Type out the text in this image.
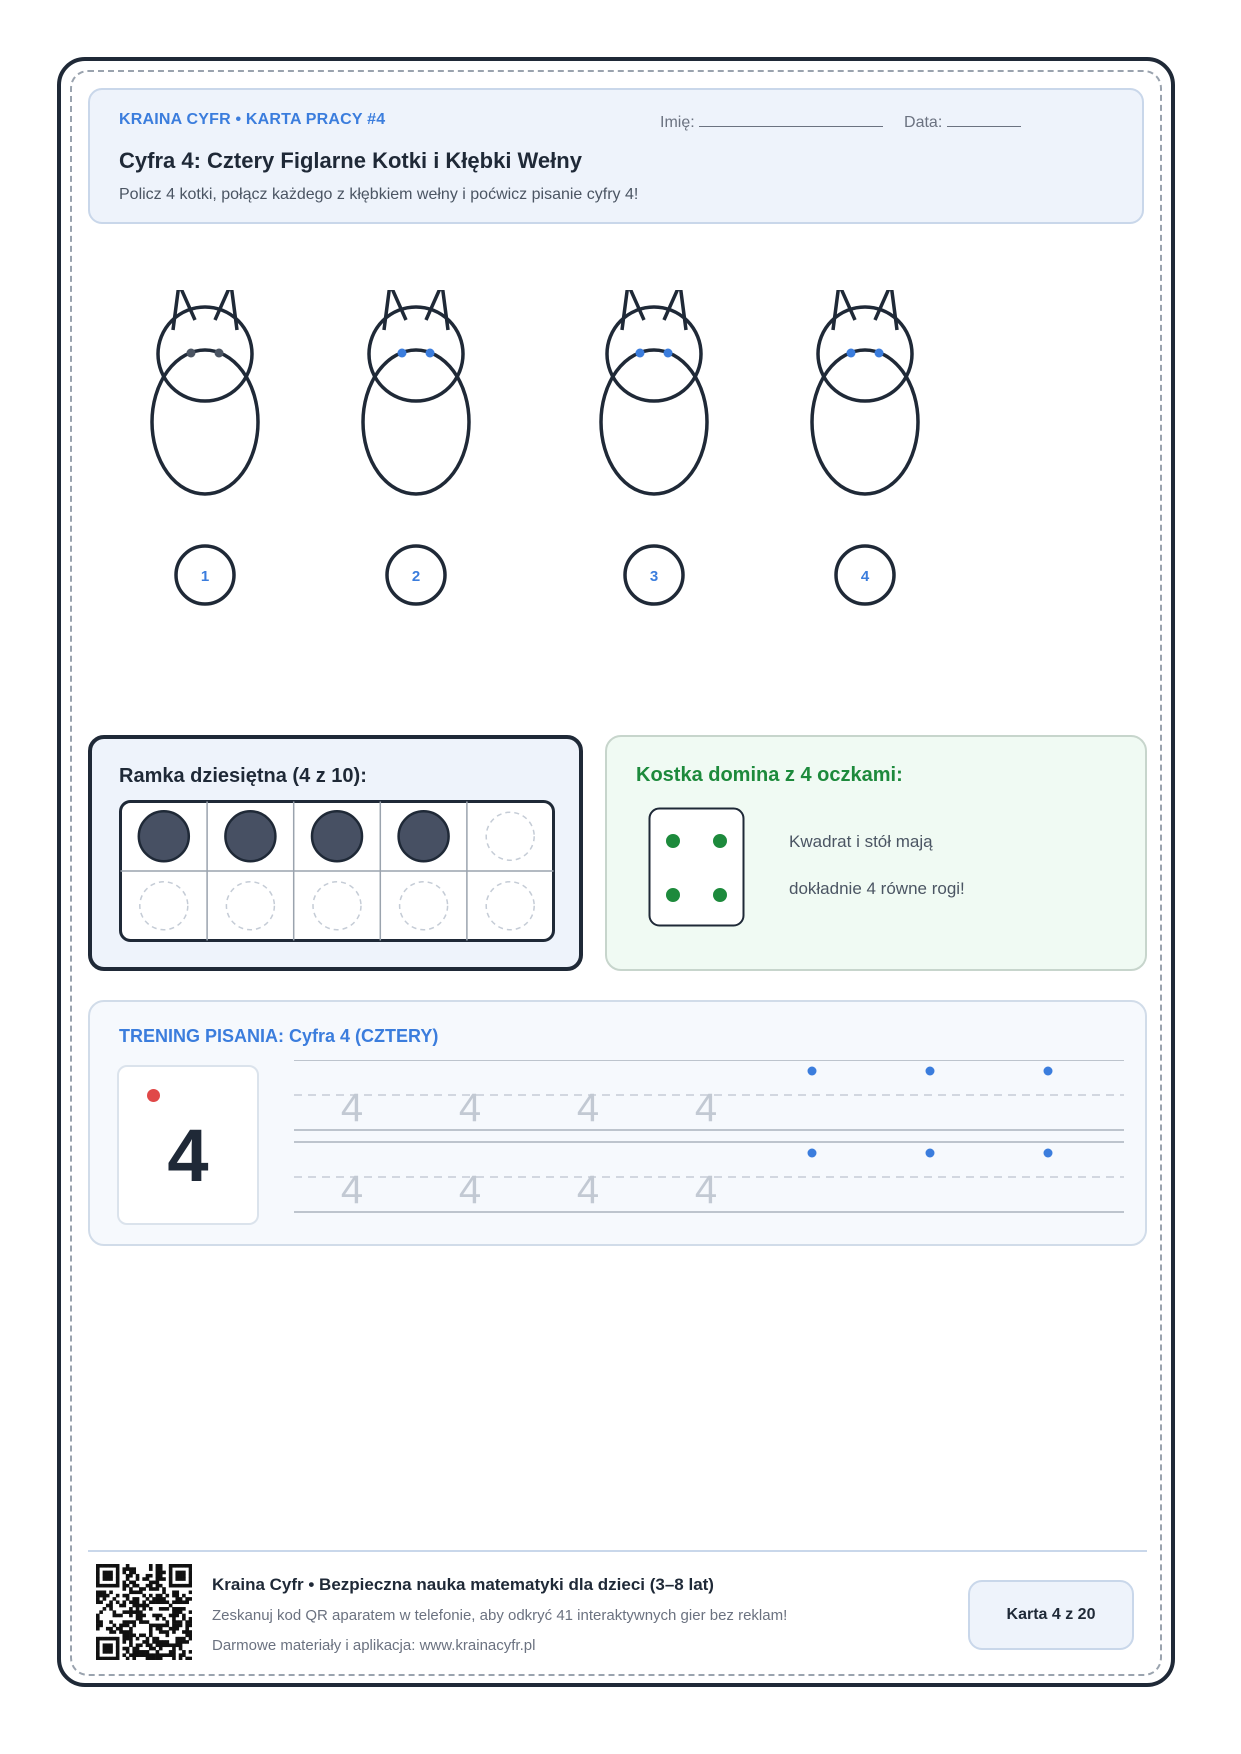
KRAINA CYFR • KARTA PRACY #4	Imię:	Data:
Cyfra 4: Cztery Figlarne Kotki i Kłębki Wełny
Policz 4 kotki, połącz każdego z kłębkiem wełny i poćwicz pisanie cyfry 4!
1	2	3	4
Ramka dziesiętna (4 z 10):	Kostka domina z 4 oczkami:
Kwadrat i stół mają
dokładnie 4 równe rogi!
TRENING PISANIA: Cyfra 4 (CZTERY)
4
4 4 4 4
4 4 4 4
Kraina Cyfr • Bezpieczna nauka matematyki dla dzieci (3–8 lat)
Zeskanuj kod QR aparatem w telefonie, aby odkryć 41 interaktywnych gier bez reklam!
Darmowe materiały i aplikacja: www.krainacyfr.pl
Karta 4 z 20
